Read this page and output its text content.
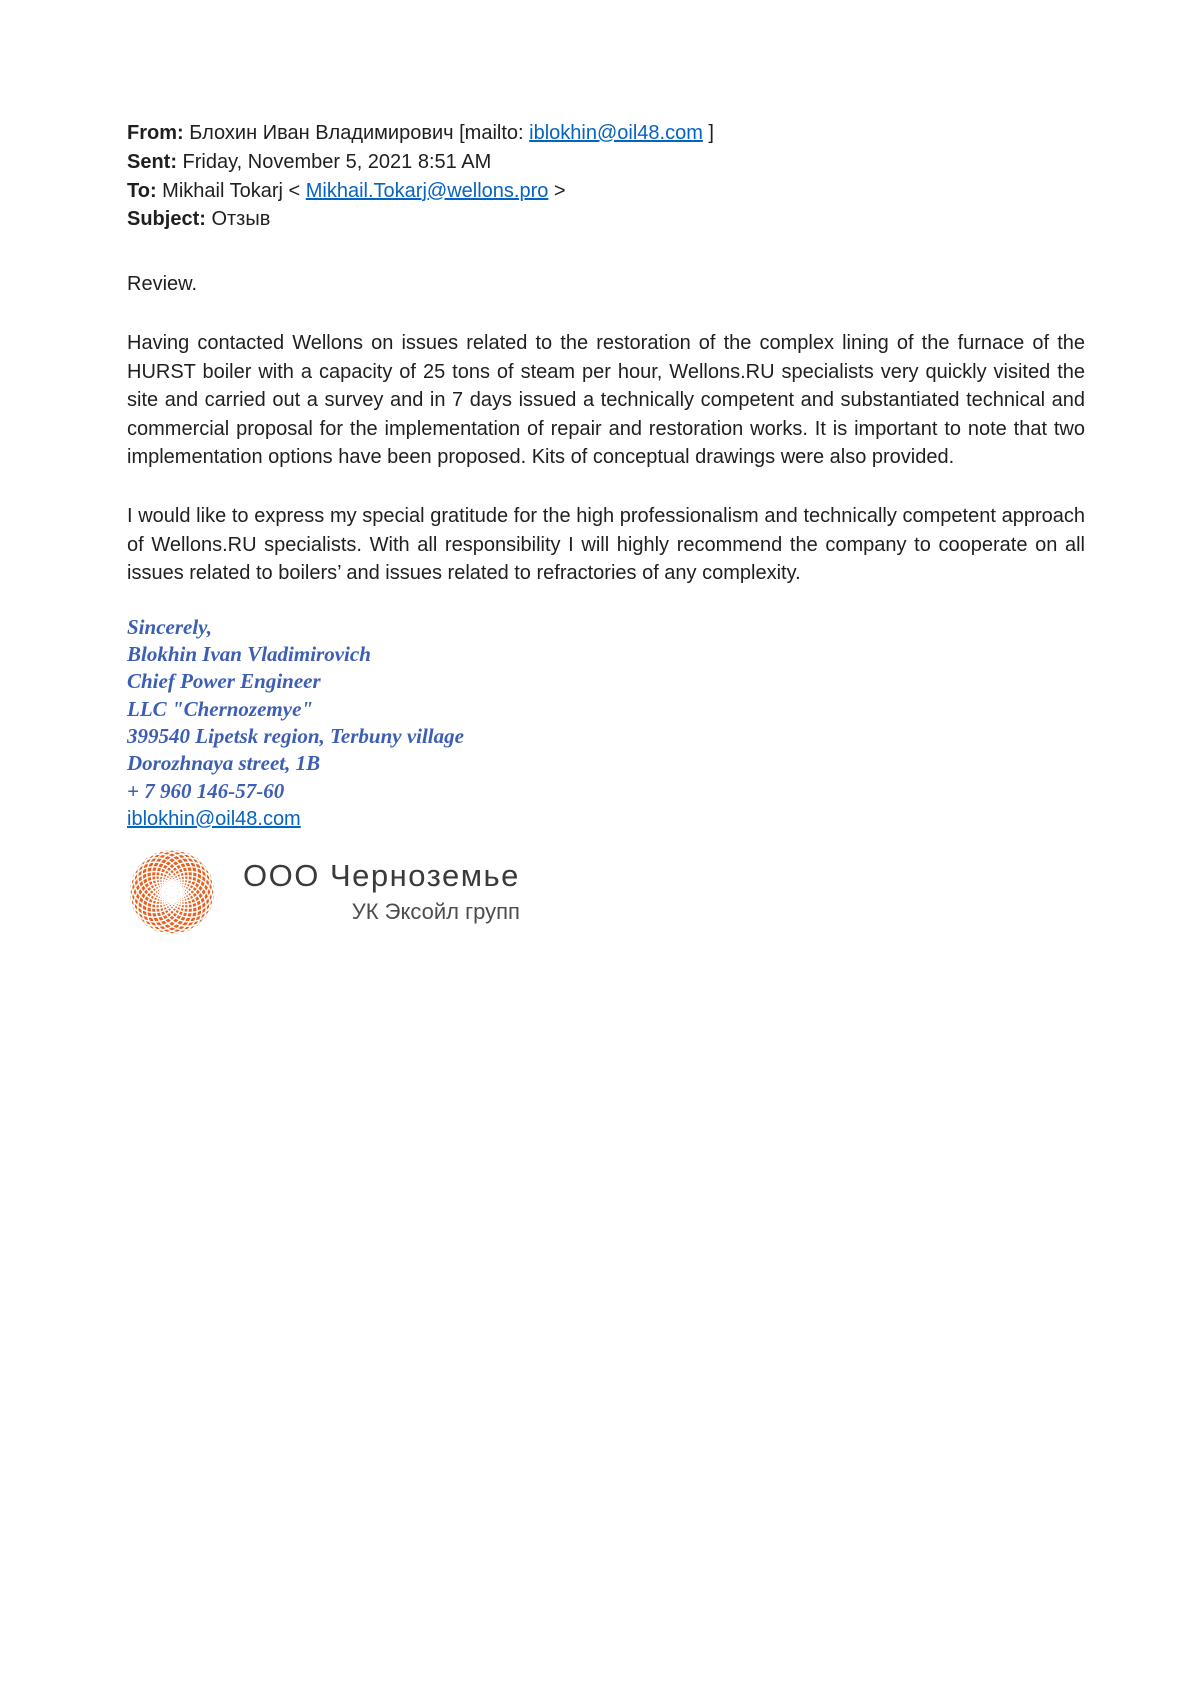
From: Блохин Иван Владимирович [mailto: iblokhin@oil48.com ]
Sent: Friday, November 5, 2021 8:51 AM
To: Mikhail Tokarj < Mikhail.Tokarj@wellons.pro >
Subject: Отзыв
Review.
Having contacted Wellons on issues related to the restoration of the complex lining of the furnace of the HURST boiler with a capacity of 25 tons of steam per hour, Wellons.RU specialists very quickly visited the site and carried out a survey and in 7 days issued a technically competent and substantiated technical and commercial proposal for the implementation of repair and restoration works. It is important to note that two implementation options have been proposed. Kits of conceptual drawings were also provided.
I would like to express my special gratitude for the high professionalism and technically competent approach of Wellons.RU specialists. With all responsibility I will highly recommend the company to cooperate on all issues related to boilers’ and issues related to refractories of any complexity.
Sincerely,
Blokhin Ivan Vladimirovich
Chief Power Engineer
LLC "Chernozemye"
399540 Lipetsk region, Terbuny village
Dorozhnaya street, 1B
+ 7 960 146-57-60
iblokhin@oil48.com
ООО Черноземье
УК Эксойл групп
